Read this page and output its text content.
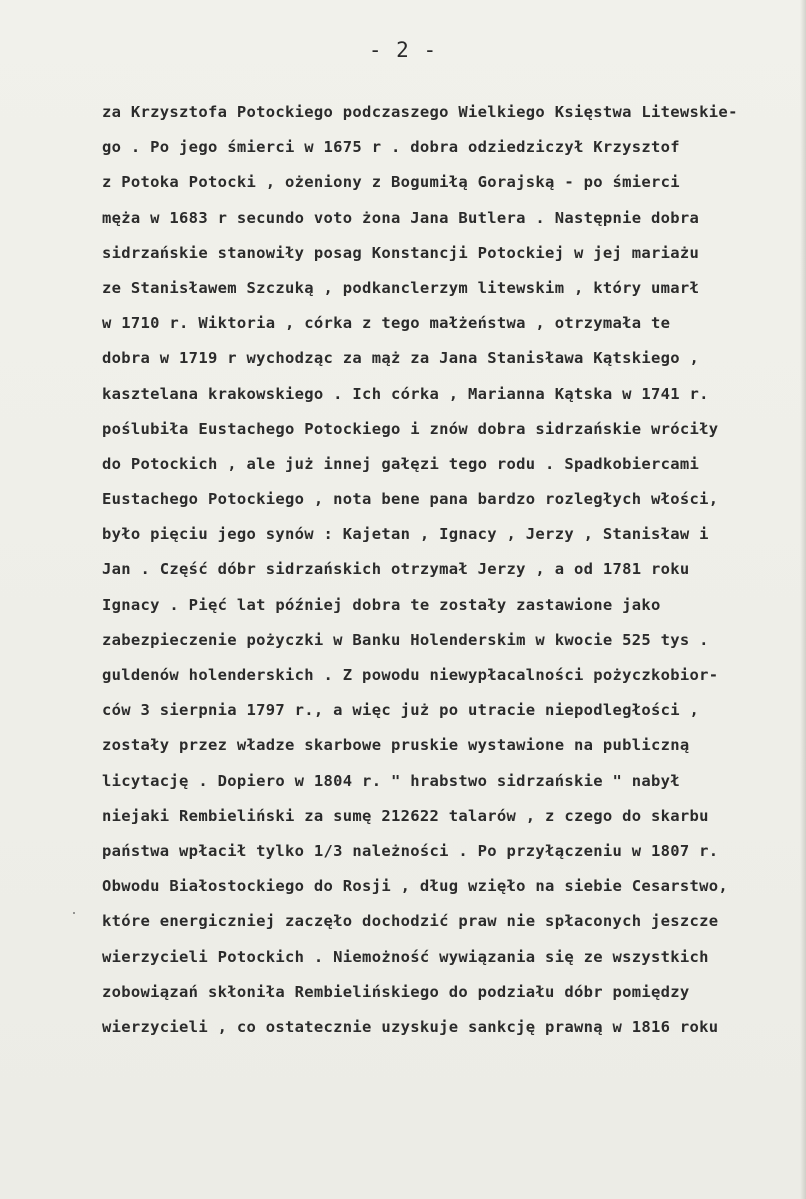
- 2 -
za Krzysztofa Potockiego podczaszego Wielkiego Księstwa Litewskie-
go . Po jego śmierci w 1675 r . dobra odziedziczył Krzysztof
z Potoka Potocki , ożeniony z Bogumiłą Gorajską - po śmierci
męża w 1683 r secundo voto żona Jana Butlera . Następnie dobra
sidrzańskie stanowiły posag Konstancji Potockiej w jej mariażu
ze Stanisławem Szczuką , podkanclerzym litewskim , który umarł
w 1710 r. Wiktoria , córka z tego małżeństwa , otrzymała te
dobra w 1719 r wychodząc za mąż za Jana Stanisława Kątskiego ,
kasztelana krakowskiego . Ich córka , Marianna Kątska w 1741 r.
poślubiła Eustachego Potockiego i znów dobra sidrzańskie wróciły
do Potockich , ale już innej gałęzi tego rodu . Spadkobiercami
Eustachego Potockiego , nota bene pana bardzo rozległych włości,
było pięciu jego synów : Kajetan , Ignacy , Jerzy , Stanisław i
Jan . Część dóbr sidrzańskich otrzymał Jerzy , a od 1781 roku
Ignacy . Pięć lat później dobra te zostały zastawione jako
zabezpieczenie pożyczki w Banku Holenderskim w kwocie 525 tys .
guldenów holenderskich . Z powodu niewypłacalności pożyczkobior-
ców 3 sierpnia 1797 r., a więc już po utracie niepodległości ,
zostały przez władze skarbowe pruskie wystawione na publiczną
licytację . Dopiero w 1804 r. " hrabstwo sidrzańskie " nabył
niejaki Rembieliński za sumę 212622 talarów , z czego do skarbu
państwa wpłacił tylko 1/3 należności . Po przyłączeniu w 1807 r.
Obwodu Białostockiego do Rosji , dług wzięło na siebie Cesarstwo,
które energiczniej zaczęło dochodzić praw nie spłaconych jeszcze
wierzycieli Potockich . Niemożność wywiązania się ze wszystkich
zobowiązań skłoniła Rembielińskiego do podziału dóbr pomiędzy
wierzycieli , co ostatecznie uzyskuje sankcję prawną w 1816 roku
